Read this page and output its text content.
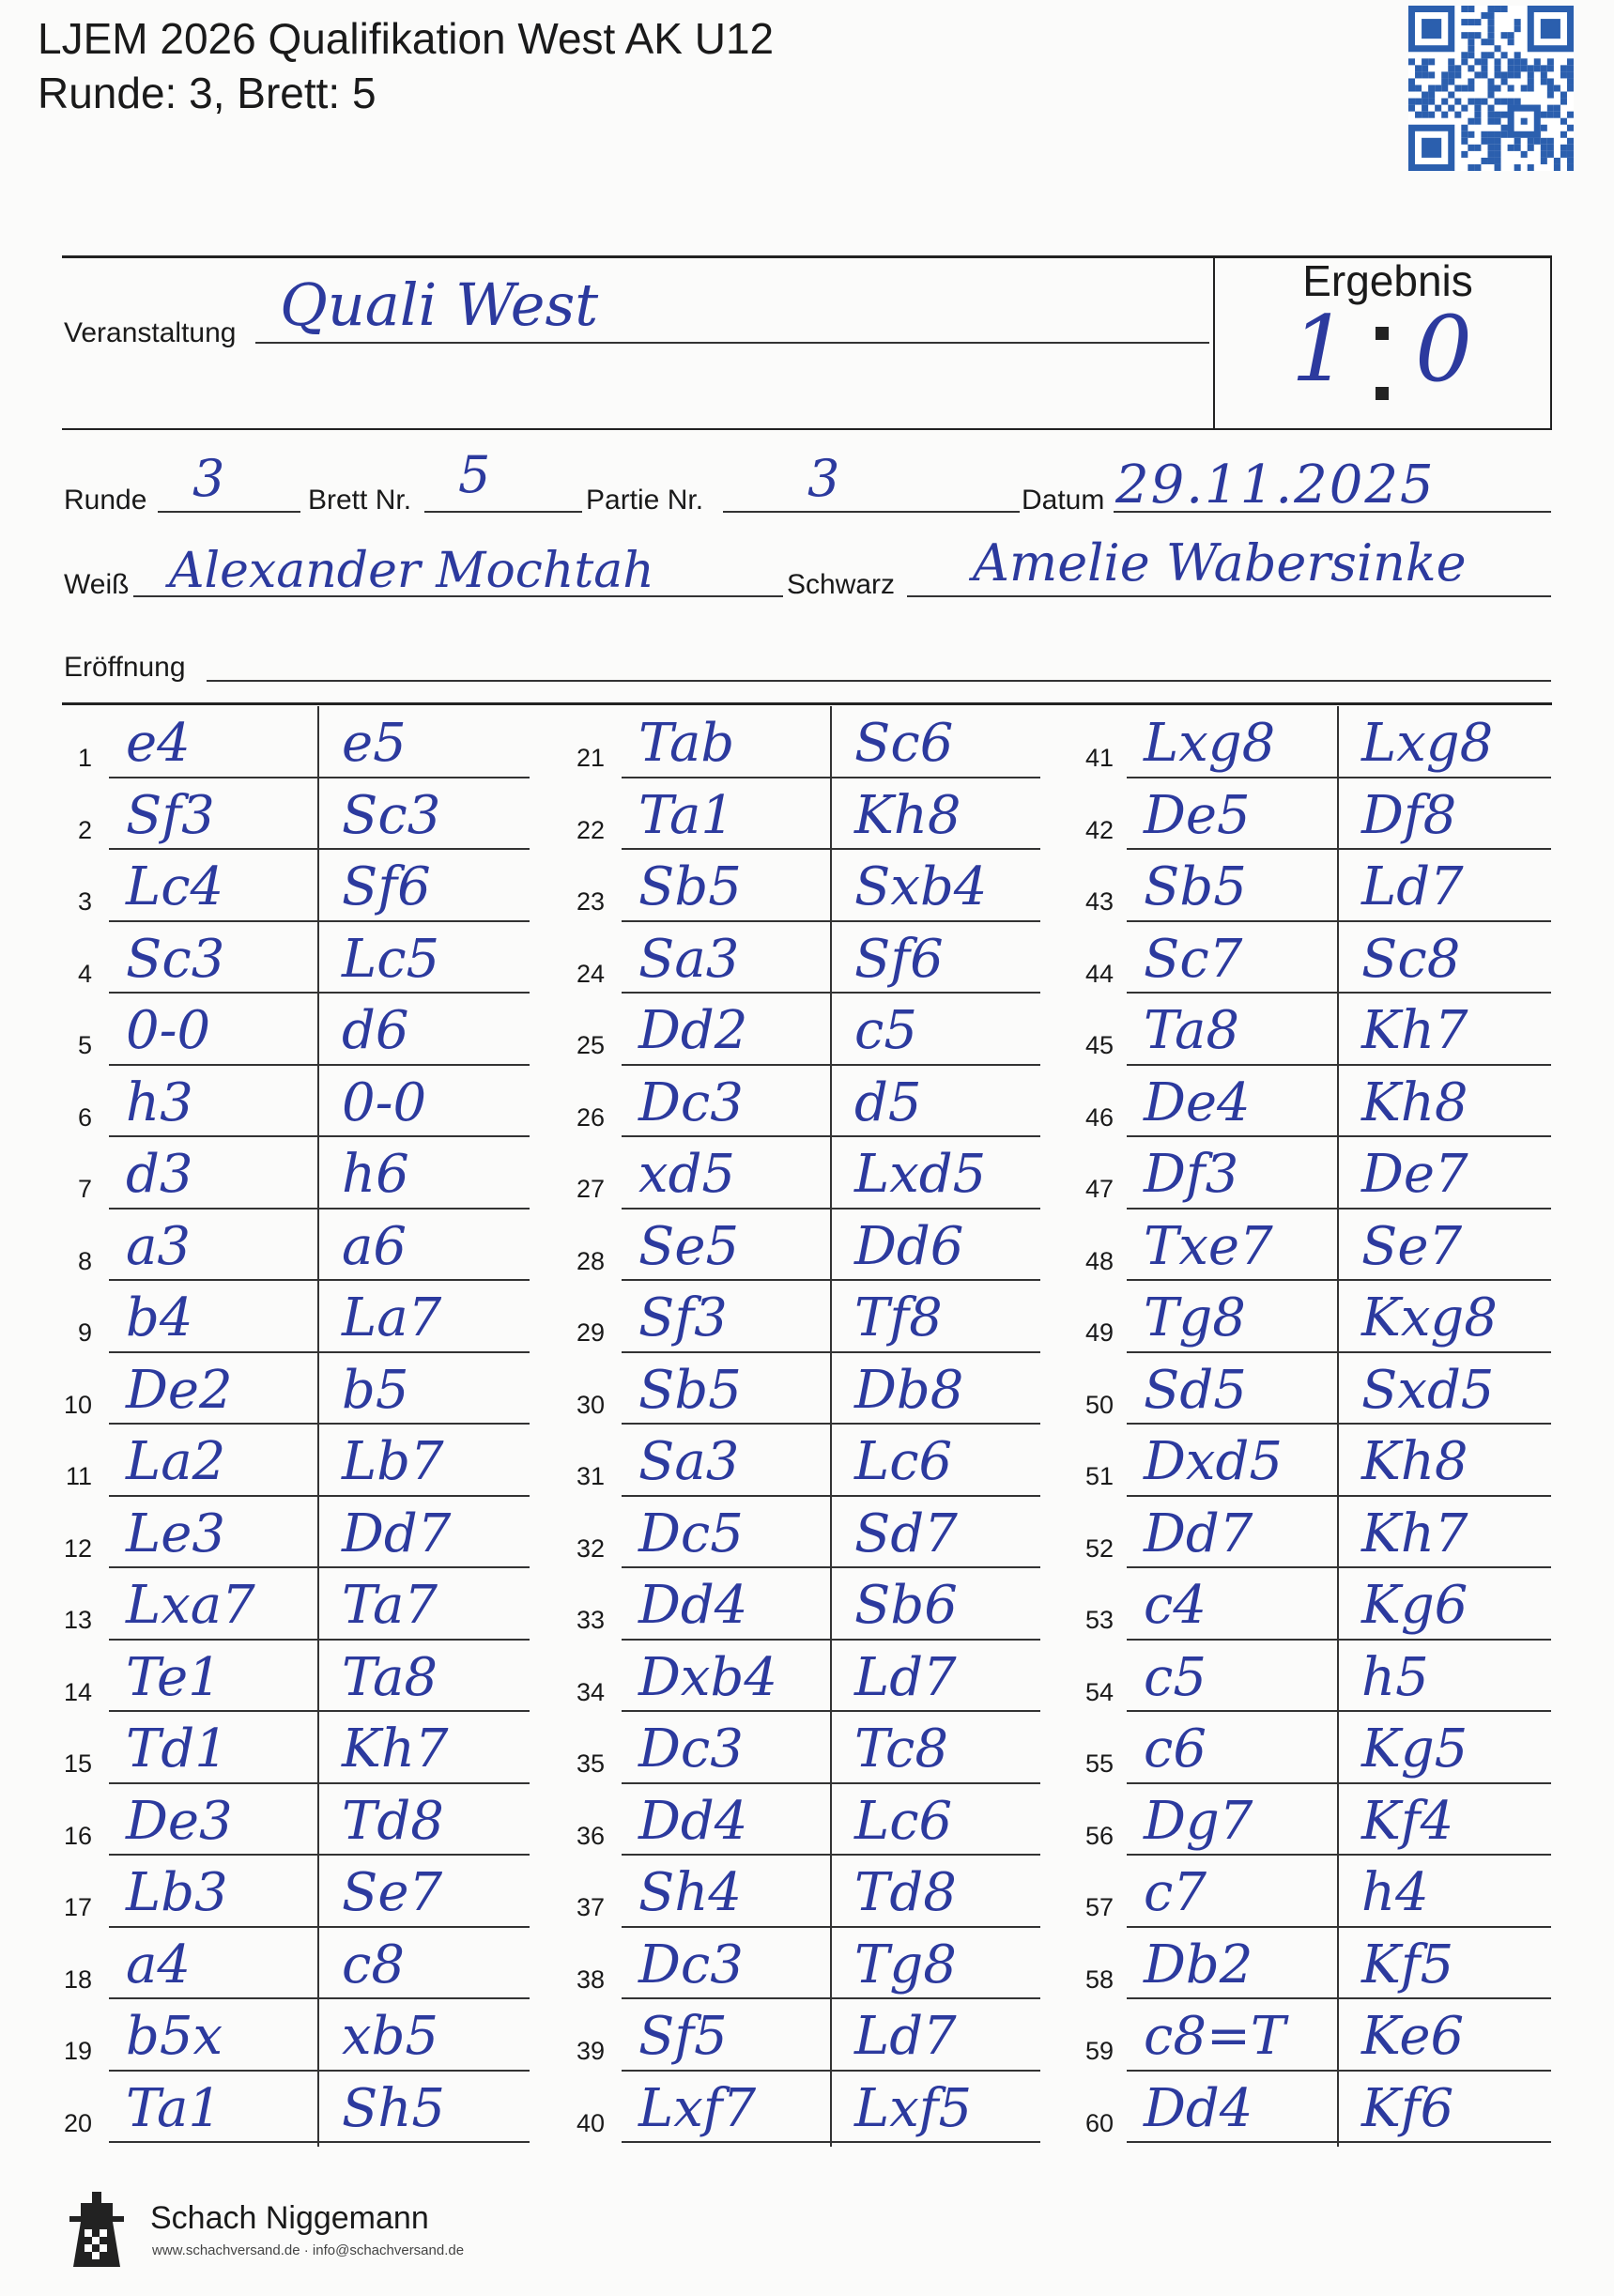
LJEM 2026 Qualifikation West AK U12
Runde: 3, Brett: 5
Veranstaltung Quali West	Ergebnis
1 0
Runde 3	Brett Nr. 5	Partie Nr. 3	Datum 29.11.2025
Weiß Alexander Mochtah	Schwarz Amelie Wabersinke
Eröffnung
1 e4	e5
2 Sf3 Sc3
3 Lc4 Sf6
4 Sc3 Lc5
5 0-0 d6
6 h3	0-0
7 d3	h6
8 a3	a6
9 b4	La7
10 De2 b5
11 La2 Lb7
12 Le3 Dd7
13 Lxa7 Ta7
14 Te1 Ta8
15 Td1 Kh7
16 De3 Td8
17 Lb3 Se7
18 a4	c8
19 b5x xb5
20 Ta1 Sh5
21 Tab Sc6
22 Ta1 Kh8
23 Sb5 Sxb4
24 Sa3 Sf6
25 Dd2 c5
26 Dc3 d5
27 xd5 Lxd5
28 Se5 Dd6
29 Sf3 Tf8
30 Sb5 Db8
31 Sa3 Lc6
32 Dc5 Sd7
33 Dd4 Sb6
34 Dxb4 Ld7
35 Dc3 Tc8
36 Dd4 Lc6
37 Sh4 Td8
38 Dc3 Tg8
39 Sf5 Ld7
40 Lxf7 Lxf5
41 Lxg8 Lxg8
42 De5 Df8
43 Sb5 Ld7
44 Sc7 Sc8
45 Ta8 Kh7
46 De4 Kh8
47 Df3 De7
48 Txe7 Se7
49 Tg8 Kxg8
50 Sd5 Sxd5
51 Dxd5 Kh8
52 Dd7 Kh7
53 c4	Kg6
54 c5	h5
55 c6	Kg5
56 Dg7 Kf4
57 c7	h4
58 Db2 Kf5
59 c8=T Ke6
60 Dd4 Kf6
Schach Niggemann
www.schachversand.de · info@schachversand.de
